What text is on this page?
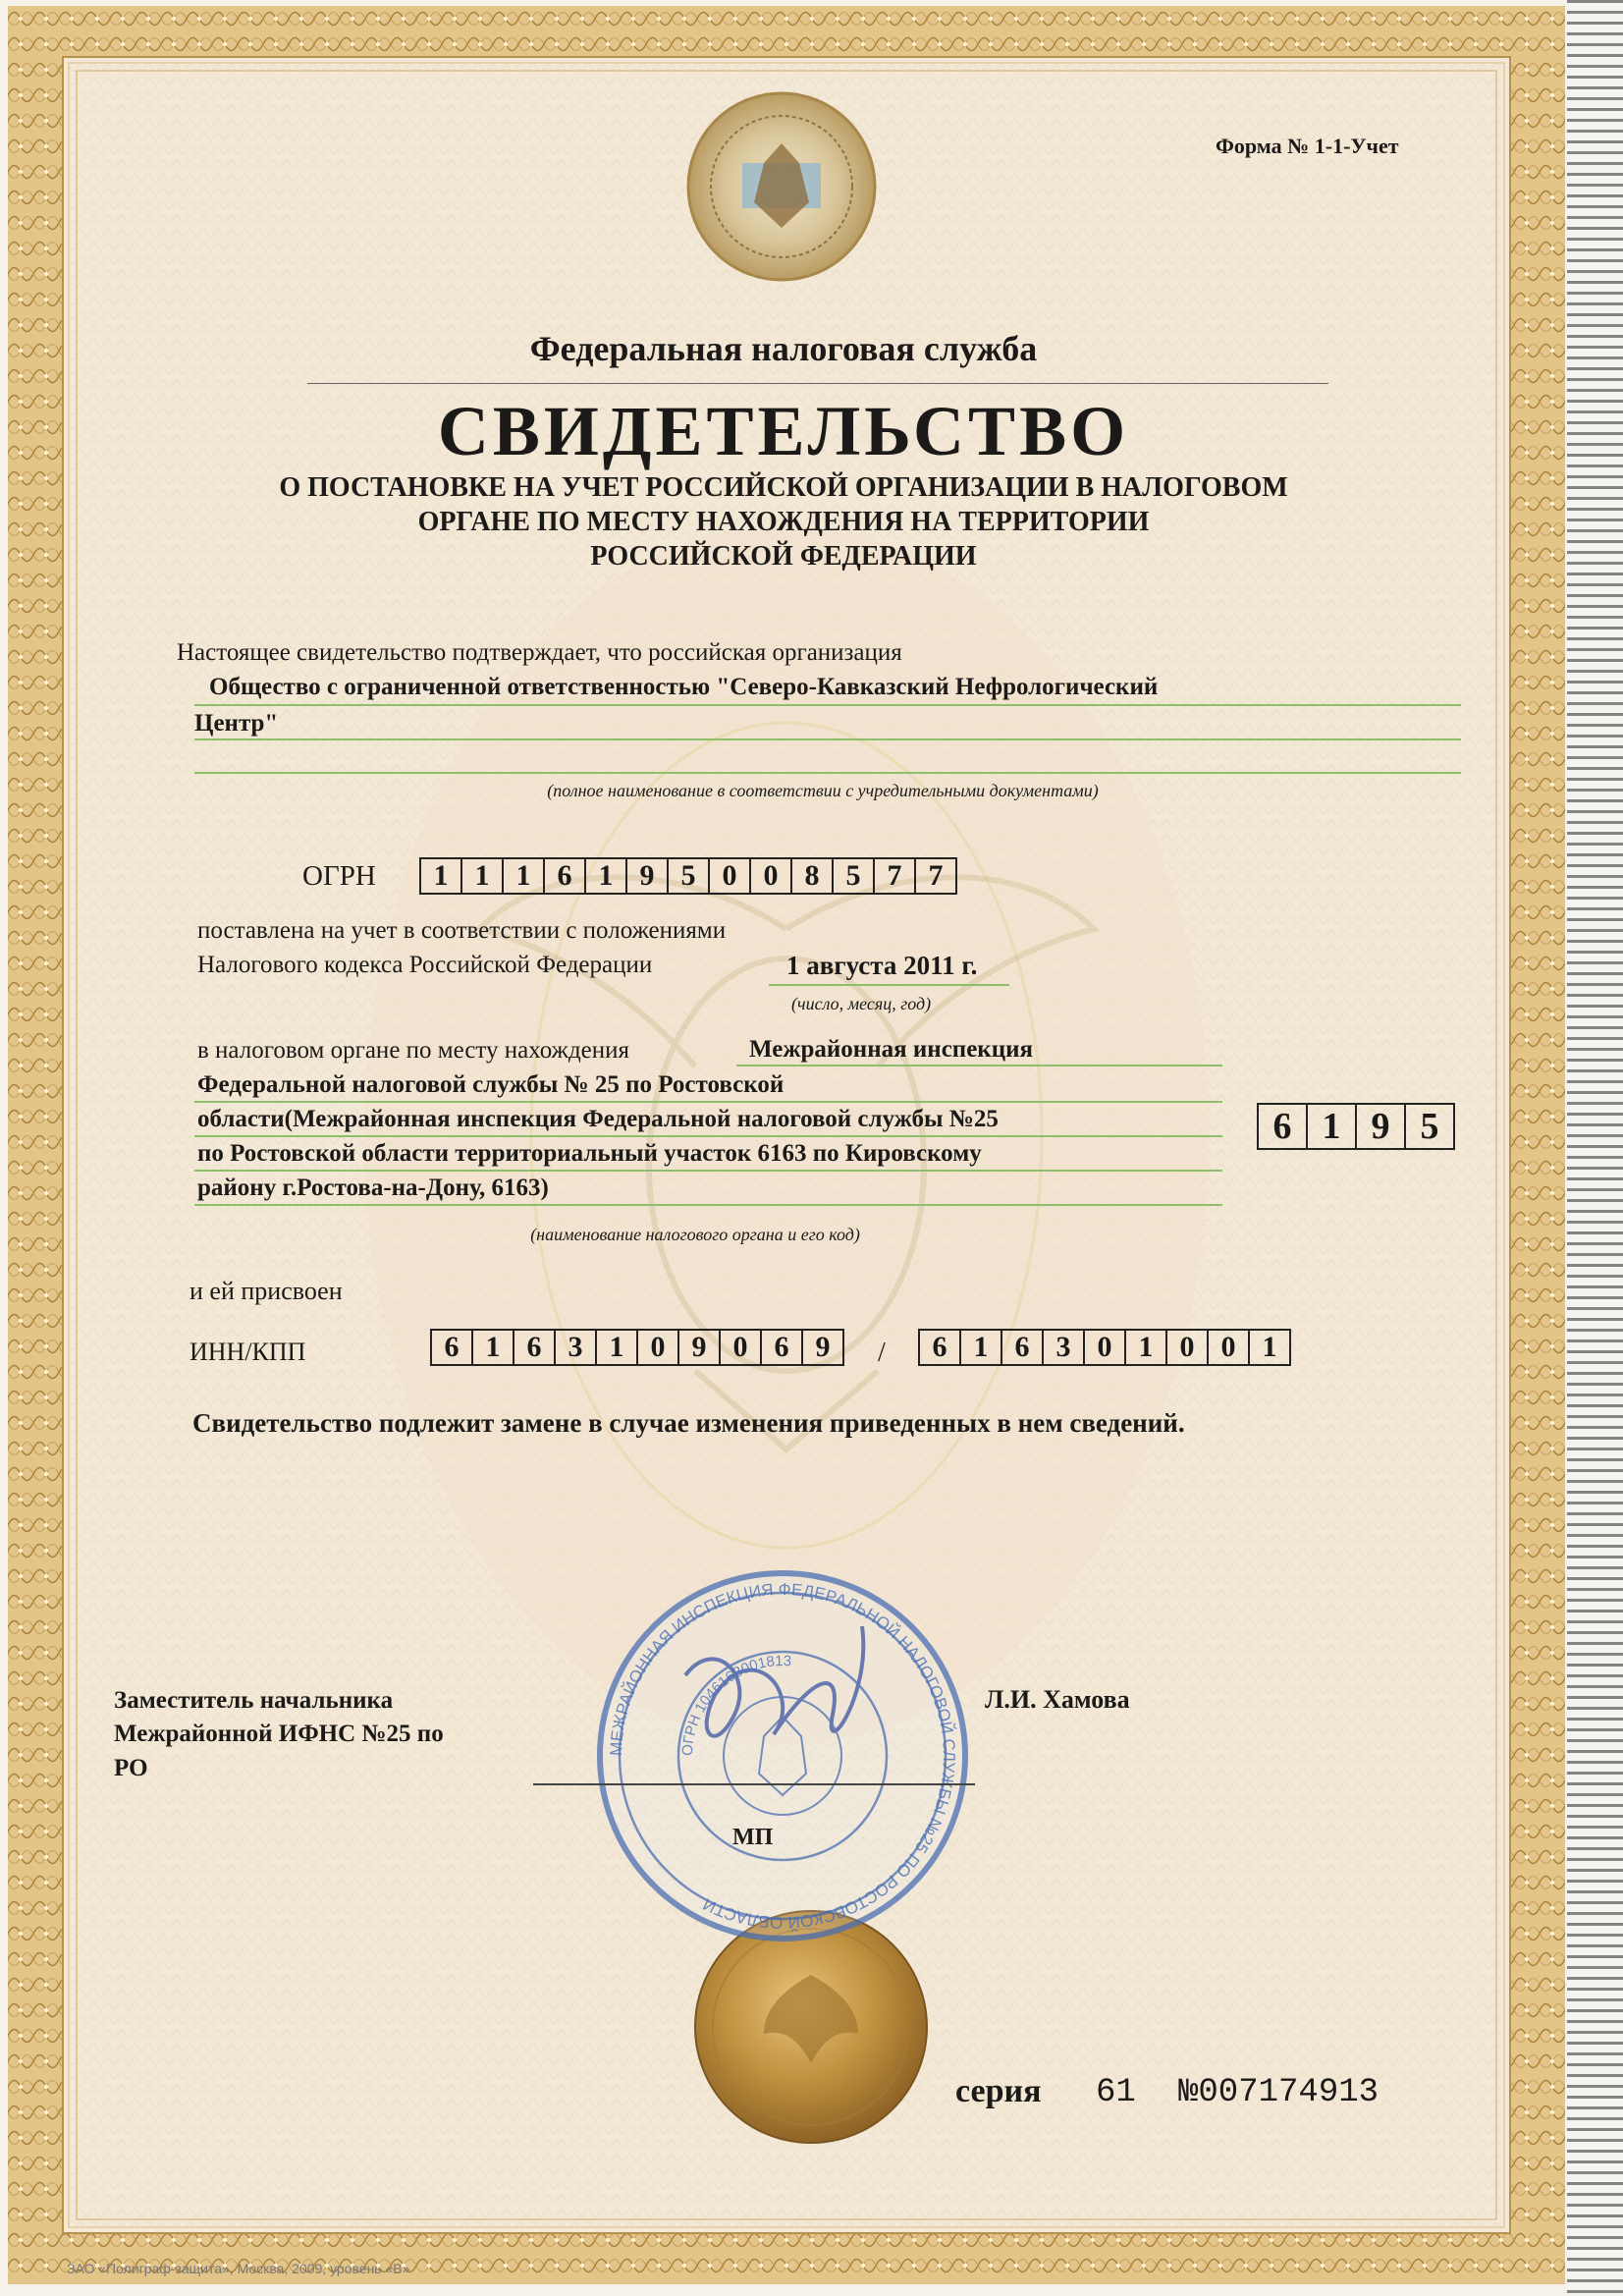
МЕЖРАЙОННАЯ ИНСПЕКЦИЯ ФЕДЕРАЛЬНОЙ НАЛОГОВОЙ СЛУЖБЫ №25 ПО РОСТОВСКОЙ ОБЛАСТИ
ОГРН 1046168001813
Форма № 1-1-Учет
Федеральная налоговая служба
СВИДЕТЕЛЬСТВО
О ПОСТАНОВКЕ НА УЧЕТ РОССИЙСКОЙ ОРГАНИЗАЦИИ В НАЛОГОВОМ
ОРГАНЕ ПО МЕСТУ НАХОЖДЕНИЯ НА ТЕРРИТОРИИ
РОССИЙСКОЙ ФЕДЕРАЦИИ
Настоящее свидетельство подтверждает, что российская организация
Общество с ограниченной ответственностью "Северо-Кавказский Нефрологический
Центр"
(полное наименование в соответствии с учредительными документами)
ОГРН	1 1 1 6 1 9 5 0 0 8 5 7 7
поставлена на учет в соответствии с положениями
Налогового кодекса Российской Федерации	1 августа 2011 г.
(число, месяц, год)
в налоговом органе по месту нахождения	Межрайонная инспекция
Федеральной налоговой службы № 25 по Ростовской
области(Межрайонная инспекция Федеральной налоговой службы №25
по Ростовской области территориальный участок 6163 по Кировскому
району г.Ростова-на-Дону, 6163)
(наименование налогового органа и его код)
6 1 9 5
и ей присвоен
ИНН/КПП	6 1 6 3 1 0 9 0 6 9	/	6 1 6 3 0 1 0 0 1
Свидетельство подлежит замене в случае изменения приведенных в нем сведений.
Заместитель начальника
Межрайонной ИФНС №25 по
РО
Л.И. Хамова
МП
серия 61 №007174913
ЗАО «Полиграф-защита», Москва, 2009, уровень «В»
